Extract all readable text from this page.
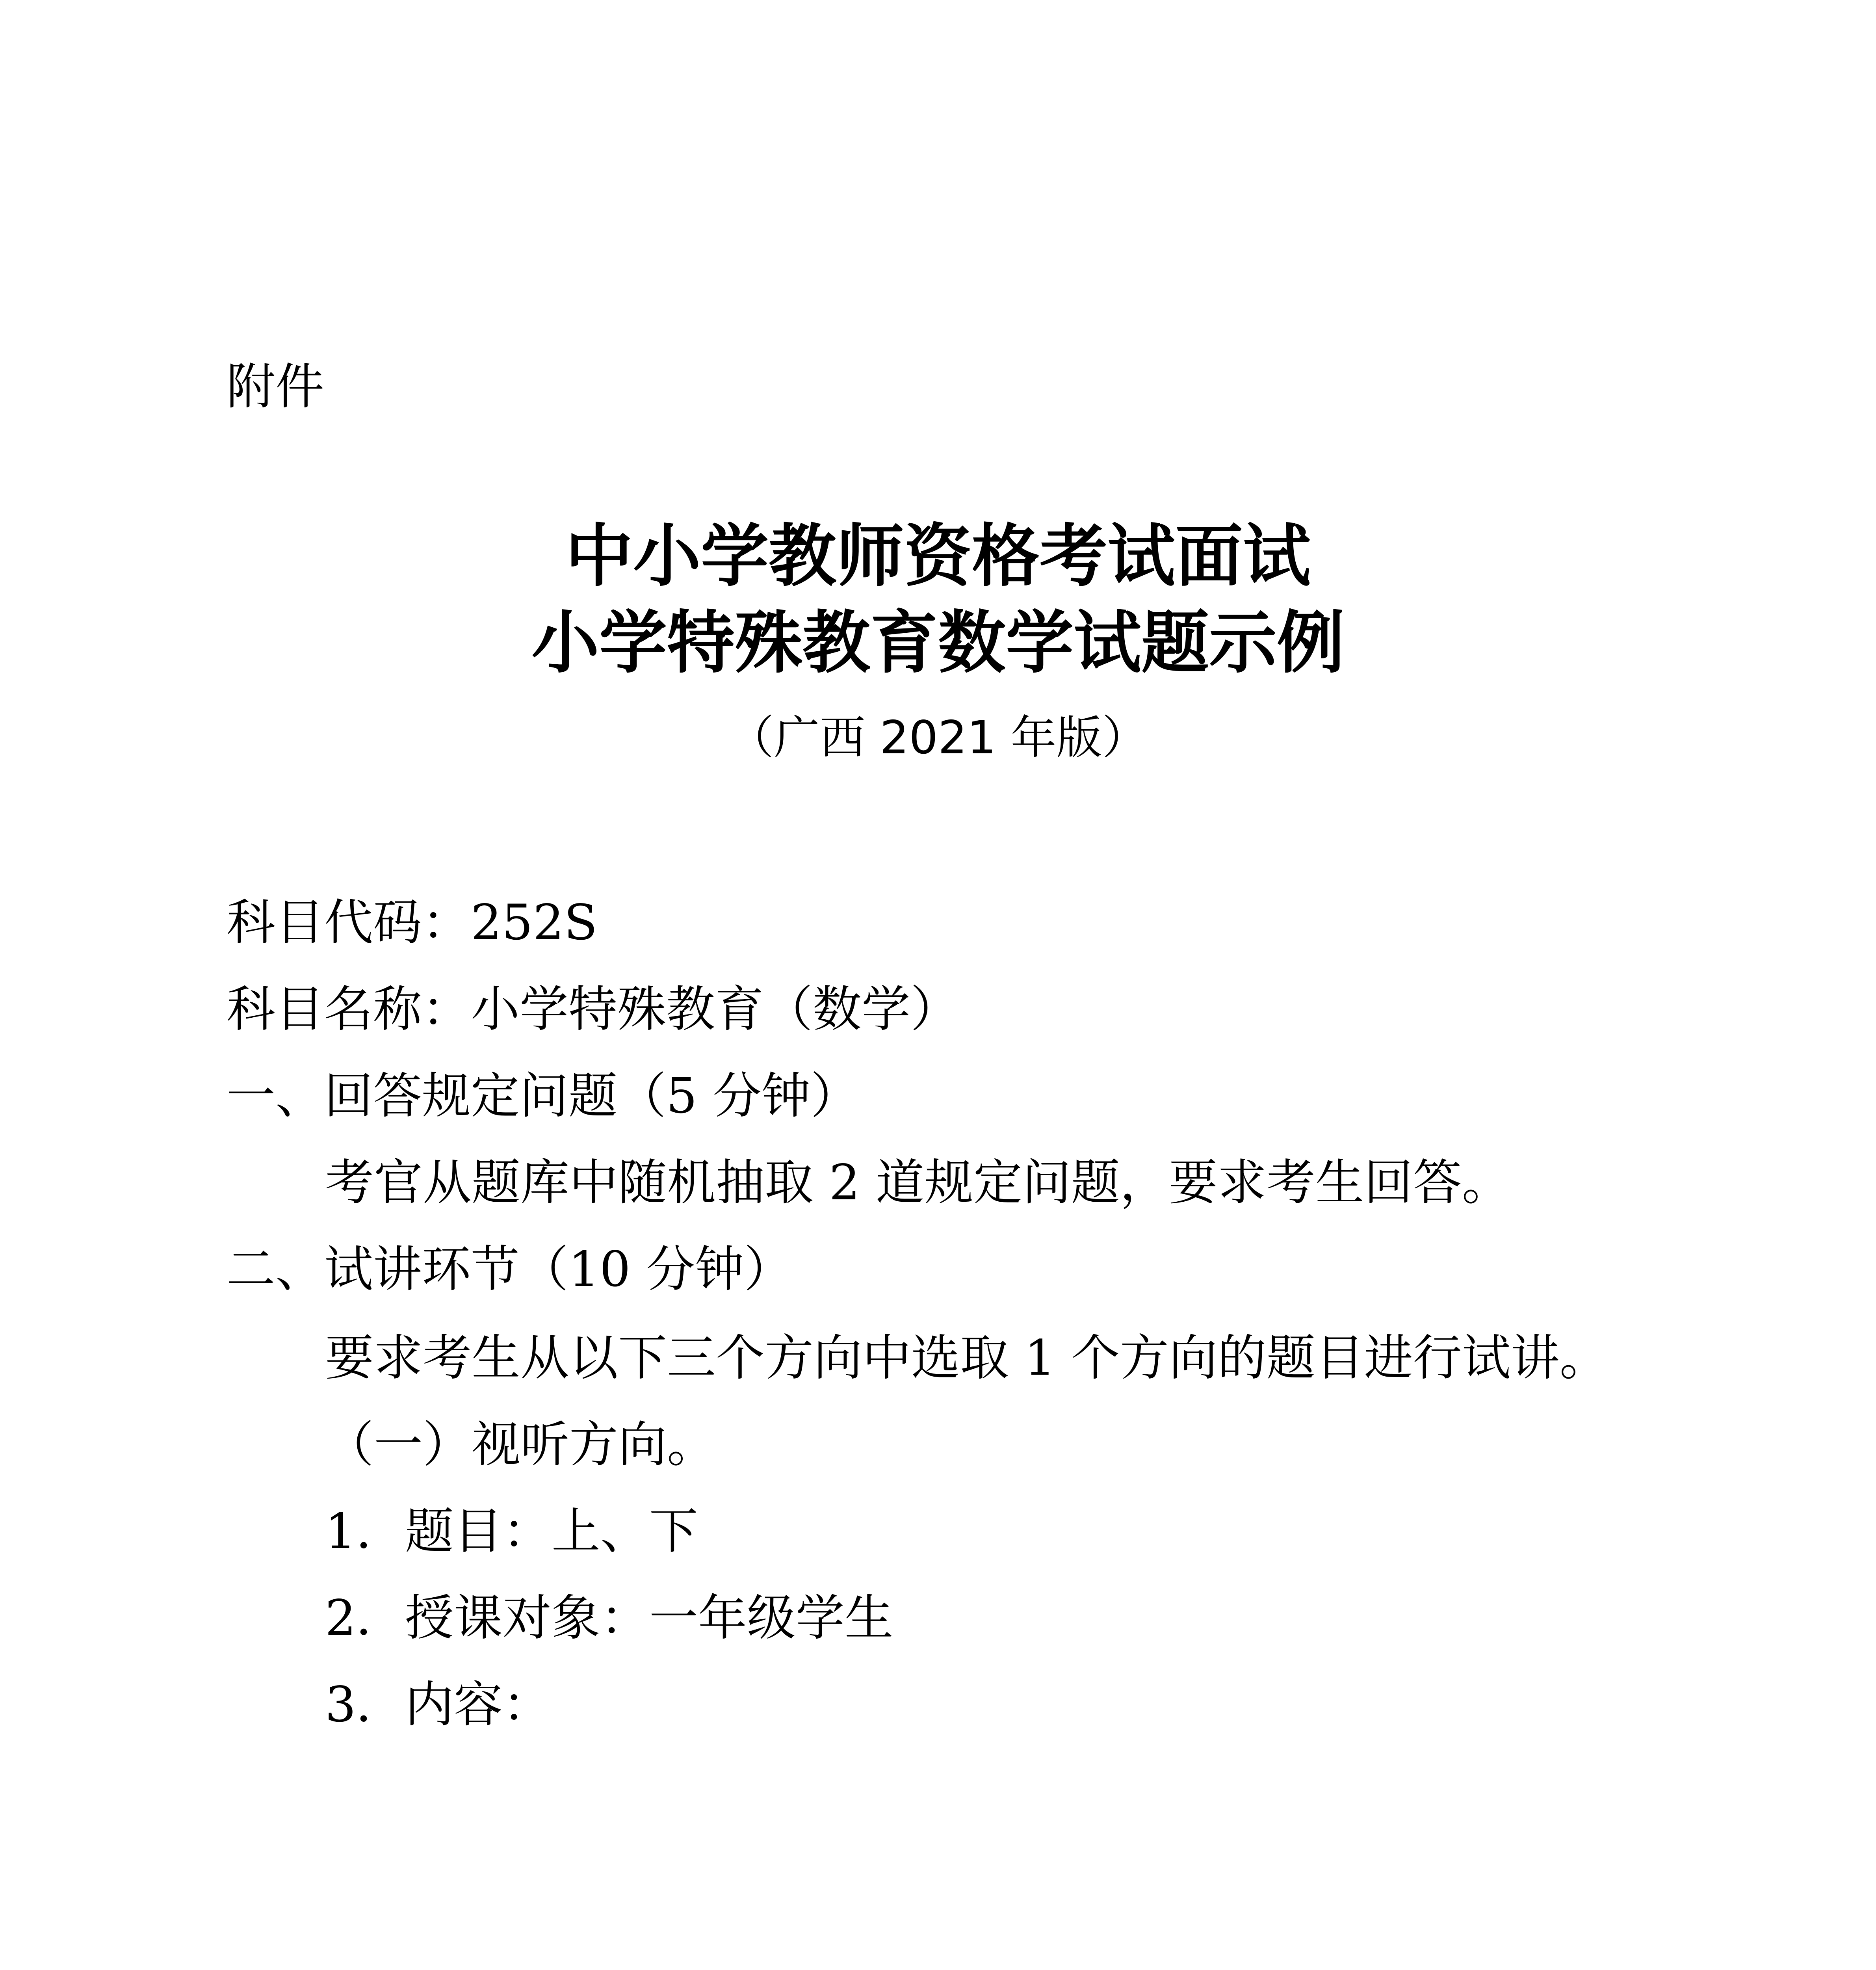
附件
中小学教师资格考试面试
小学特殊教育数学试题示例
（广西 2021 年版）
科目代码：252S
科目名称：小学特殊教育（数学）
一、回答规定问题（5 分钟）
考官从题库中随机抽取 2 道规定问题，要求考生回答。
二、试讲环节（10 分钟）
要求考生从以下三个方向中选取 1 个方向的题目进行试讲。
（一）视听方向。
1．题目：上、下
2．授课对象：一年级学生
3．内容：
